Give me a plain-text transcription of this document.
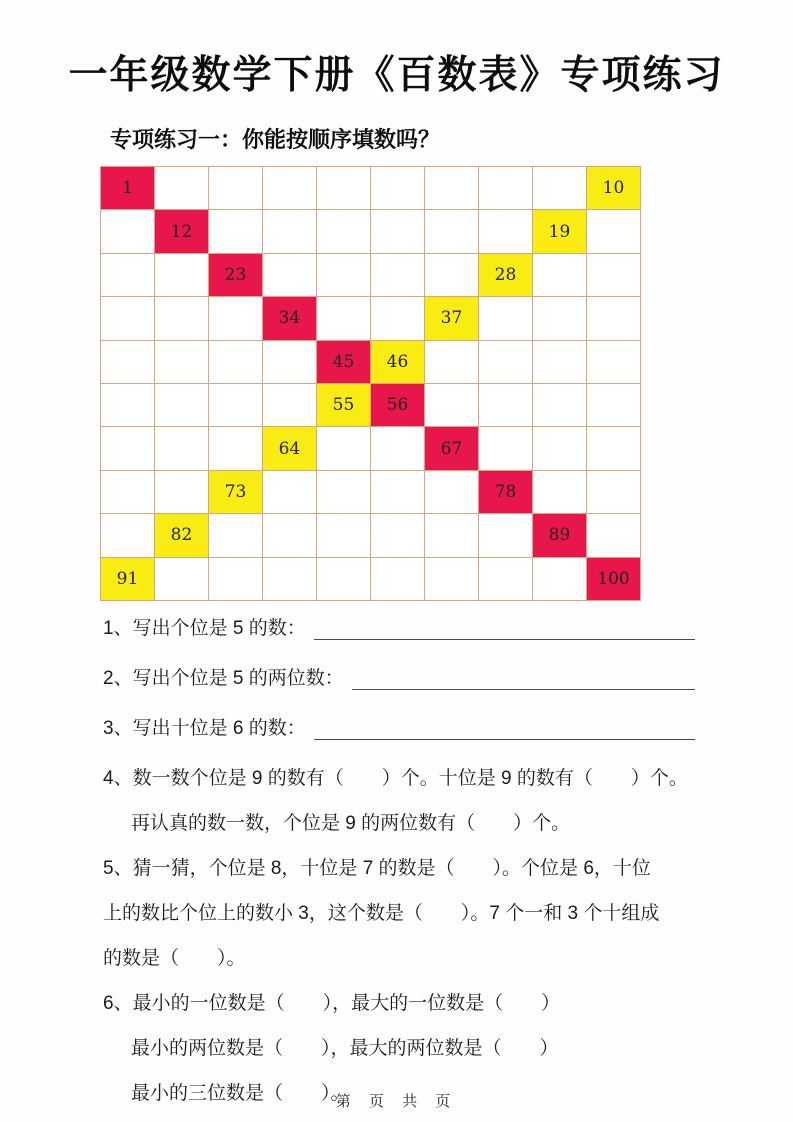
一年级数学下册《百数表》专项练习
专项练习一：你能按顺序填数吗？
1	10
12	19
23	28
34	37
45	46
55	56
64	67
73	78
82	89
91	100
1、写出个位是 5 的数：
2、写出个位是 5 的两位数：
3、写出十位是 6 的数：
4、数一数个位是 9 的数有（　　）个。十位是 9 的数有（　　）个。
再认真的数一数，个位是 9 的两位数有（　　）个。
5、猜一猜，个位是 8，十位是 7 的数是（　　）。个位是 6，十位
上的数比个位上的数小 3，这个数是（　　）。7 个一和 3 个十组成
的数是（　　）。
6、最小的一位数是（　　），最大的一位数是（　　）
最小的两位数是（　　），最大的两位数是（　　）
最小的三位数是（　　）。
第 页 共 页
